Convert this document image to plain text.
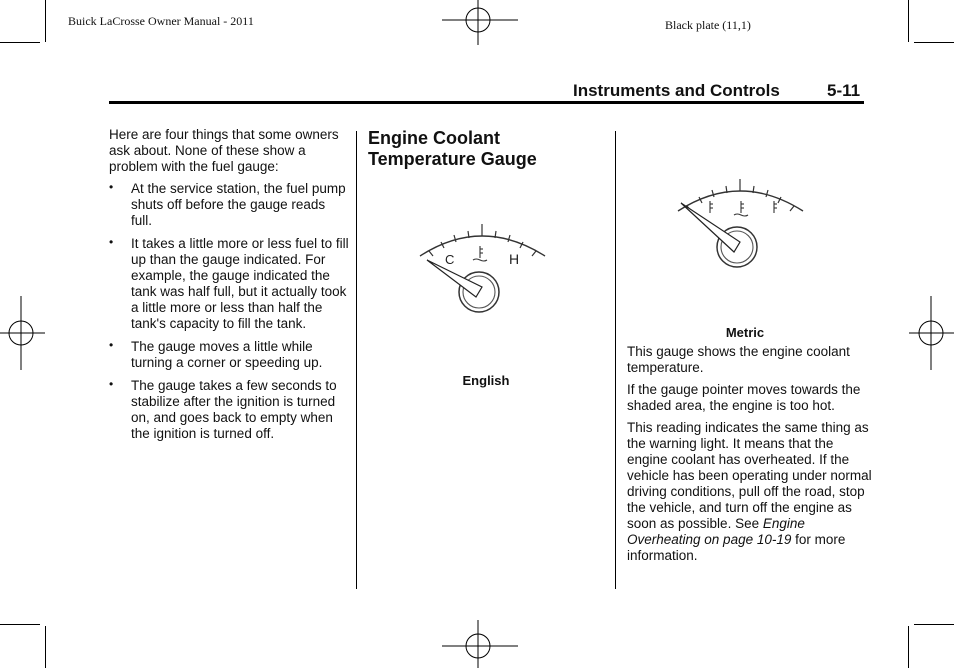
Buick LaCrosse Owner Manual - 2011	Black plate (11,1)
Instruments and Controls	5-11

Here are four things that some owners ask about. None of these show a problem with the fuel gauge:

• At the service station, the fuel pump shuts off before the gauge reads full.
• It takes a little more or less fuel to fill up than the gauge indicated. For example, the gauge indicated the tank was half full, but it actually took a little more or less than half the tank's capacity to fill the tank.
• The gauge moves a little while turning a corner or speeding up.
• The gauge takes a few seconds to stabilize after the ignition is turned on, and goes back to empty when the ignition is turned off.
Engine Coolant Temperature Gauge
C	H
English
Metric

This gauge shows the engine coolant temperature.

If the gauge pointer moves towards the shaded area, the engine is too hot.

This reading indicates the same thing as the warning light. It means that the engine coolant has overheated. If the vehicle has been operating under normal driving conditions, pull off the road, stop the vehicle, and turn off the engine as soon as possible. See Engine Overheating on page 10-19 for more information.
